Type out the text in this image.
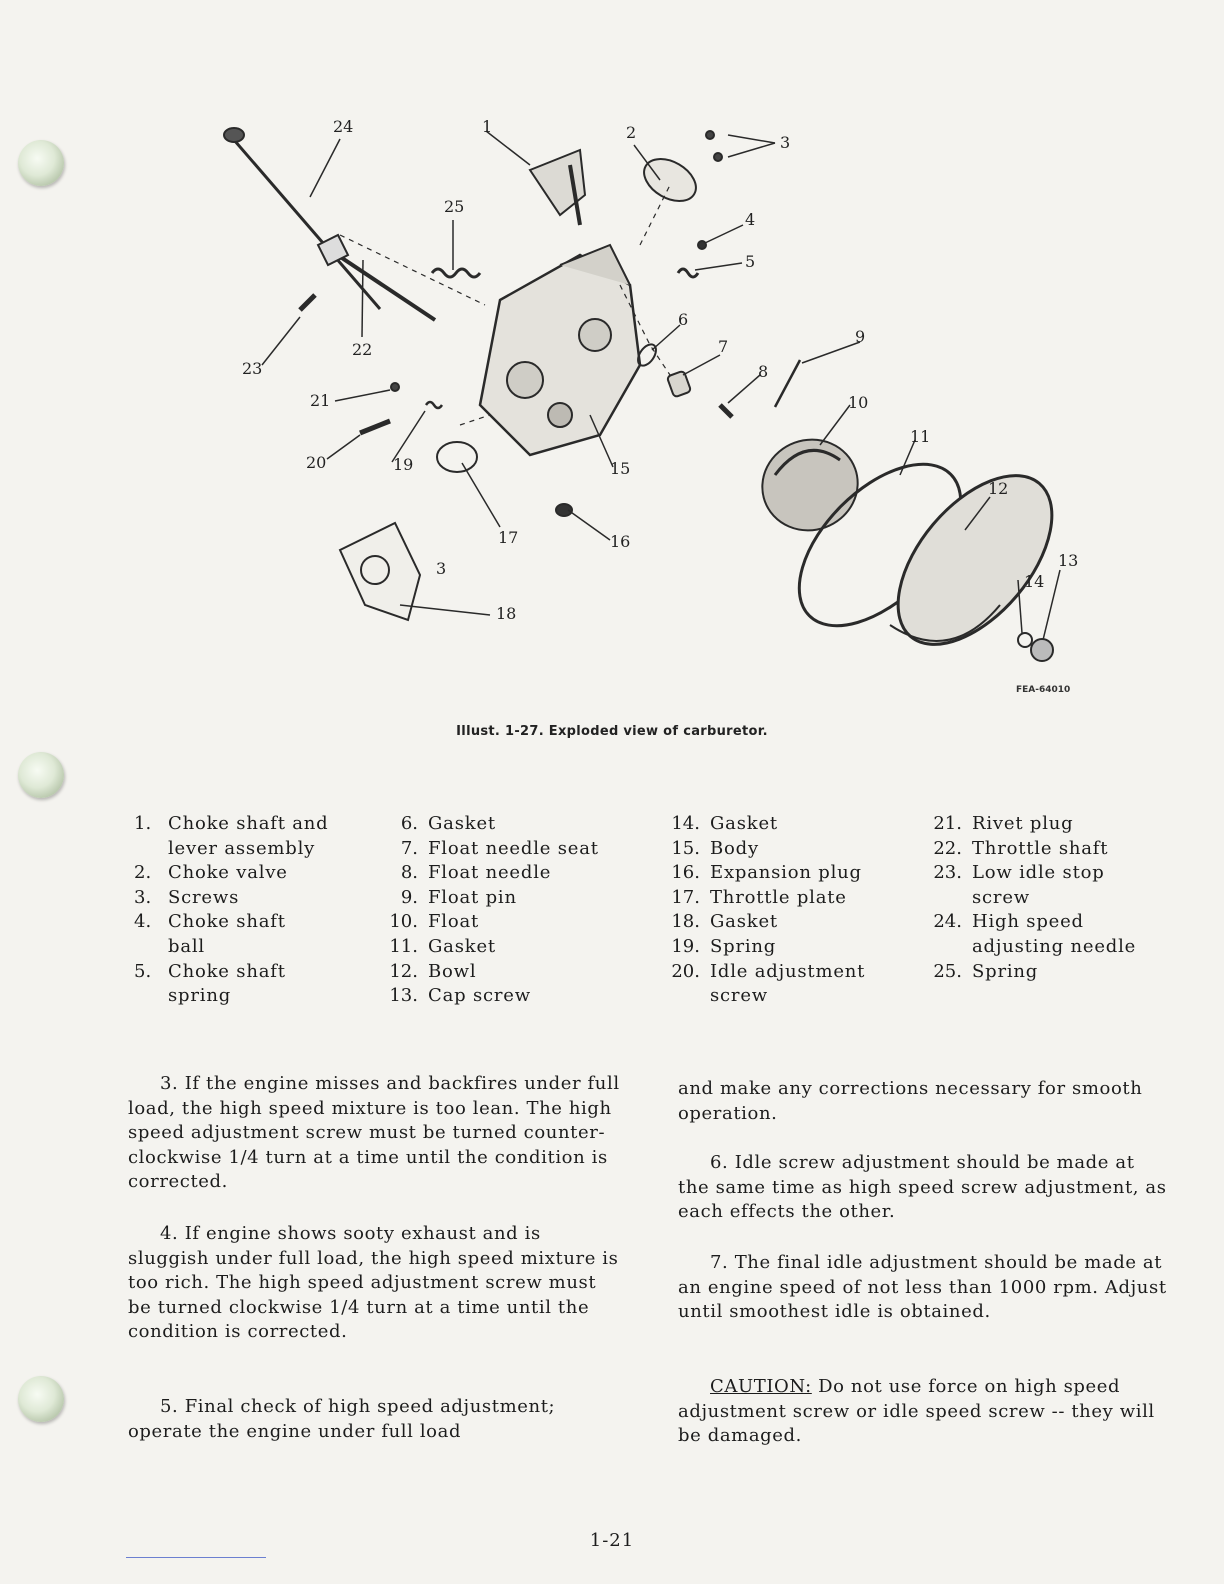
1	2
3
4
5
6
7
8
9
10
11
12
13
14
15
16
17
18
19
20
21
22
23
24
25
3
FEA-64010
Illust. 1-27. Exploded view of carburetor.
1. Choke shaft and
lever assembly
2. Choke valve
3. Screws
4. Choke shaft
ball
5. Choke shaft
spring
6. Gasket
7. Float needle seat
8. Float needle
9. Float pin
10. Float
11. Gasket
12. Bowl
13. Cap screw
14. Gasket
15. Body
16. Expansion plug
17. Throttle plate
18. Gasket
19. Spring
20. Idle adjustment
screw
21. Rivet plug
22. Throttle shaft
23. Low idle stop
screw
24. High speed
adjusting needle
25. Spring

3. If the engine misses and backfires under full load, the high speed mixture is too lean. The high speed adjustment screw must be turned counter-clockwise 1/4 turn at a time until the condition is corrected.

4. If engine shows sooty exhaust and is sluggish under full load, the high speed mixture is too rich. The high speed adjustment screw must be turned clockwise 1/4 turn at a time until the condition is corrected.

5. Final check of high speed adjustment; operate the engine under full load

and make any corrections necessary for smooth operation.

6. Idle screw adjustment should be made at the same time as high speed screw adjustment, as each effects the other.

7. The final idle adjustment should be made at an engine speed of not less than 1000 rpm. Adjust until smoothest idle is obtained.

CAUTION: Do not use force on high speed adjustment screw or idle speed screw -- they will be damaged.

1-21
